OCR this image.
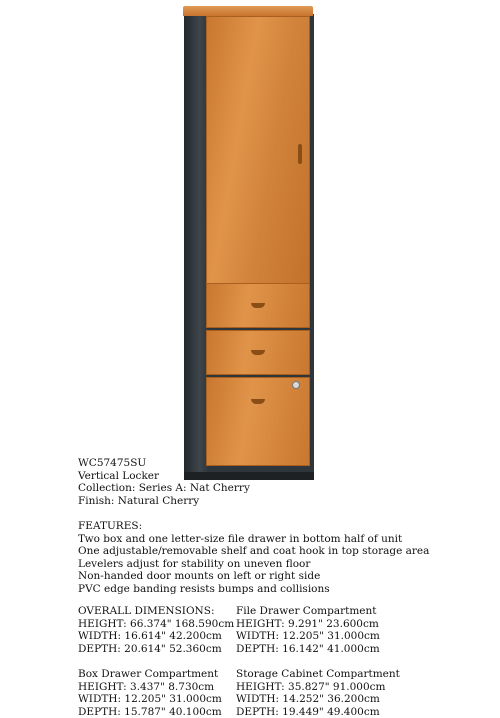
WC57475SU
Vertical Locker
Collection: Series A: Nat Cherry
Finish: Natural Cherry
FEATURES:
Two box and one letter-size file drawer in bottom half of unit
One adjustable/removable shelf and coat hook in top storage area
Levelers adjust for stability on uneven floor
Non-handed door mounts on left or right side
PVC edge banding resists bumps and collisions
OVERALL DIMENSIONS:
HEIGHT: 66.374" 168.590cm
WIDTH: 16.614" 42.200cm
DEPTH: 20.614" 52.360cm
File Drawer Compartment
HEIGHT: 9.291" 23.600cm
WIDTH: 12.205" 31.000cm
DEPTH: 16.142" 41.000cm
Box Drawer Compartment
HEIGHT: 3.437" 8.730cm
WIDTH: 12.205" 31.000cm
DEPTH: 15.787" 40.100cm
Storage Cabinet Compartment
HEIGHT: 35.827" 91.000cm
WIDTH: 14.252" 36.200cm
DEPTH: 19.449" 49.400cm
